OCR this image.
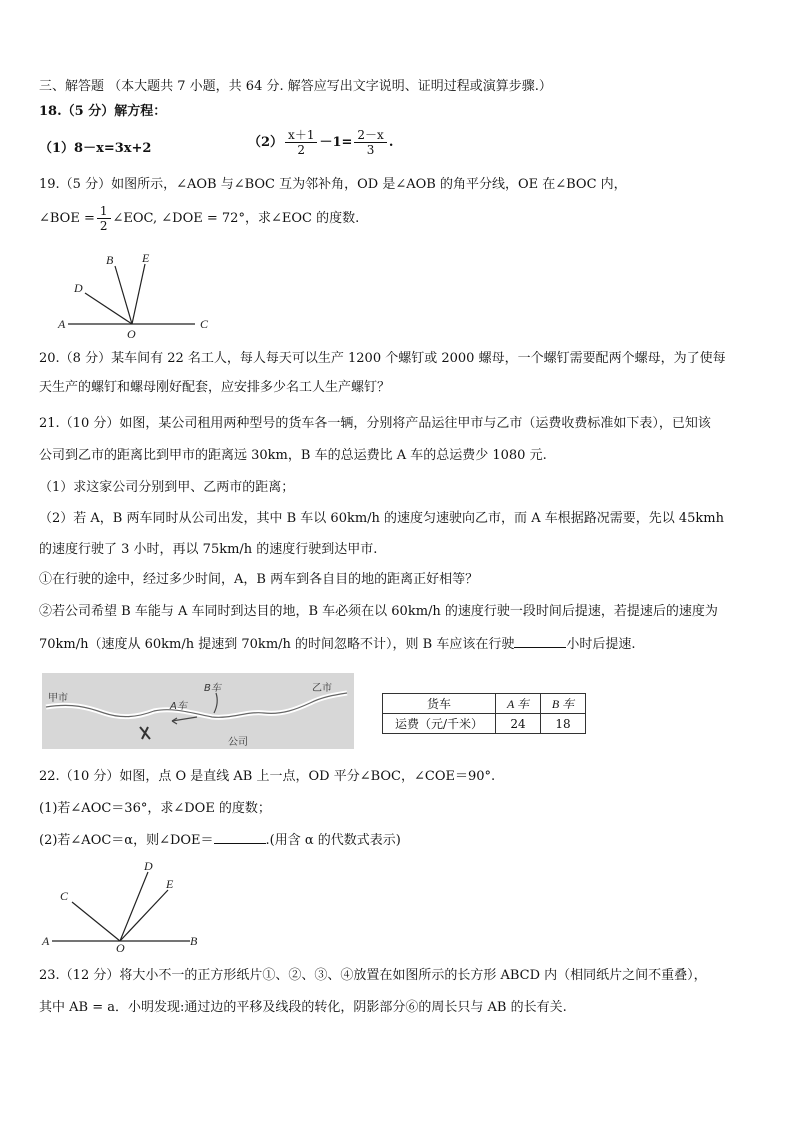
三、解答题 （本大题共 7 小题，共 64 分. 解答应写出文字说明、证明过程或演算步骤.）
18.（5 分）解方程：
（1）8－x=3x+2	$(2) \frac{x+1}{2} -1= \frac{2-x}{3}$ .
19.（5 分）如图所示，∠AOB 与∠BOC 互为邻补角，OD 是∠AOB 的角平分线，OE 在∠BOC 内，
∠BOE = $\frac{1}{2}$ ∠EOC, ∠DOE = 72°，求∠EOC 的度数.
A	C
D
B E
O
20.（8 分）某车间有 22 名工人，每人每天可以生产 1200 个螺钉或 2000 螺母，一个螺钉需要配两个螺母，为了使每
天生产的螺钉和螺母刚好配套，应安排多少名工人生产螺钉？
21.（10 分）如图，某公司租用两种型号的货车各一辆，分别将产品运往甲市与乙市（运费收费标准如下表），已知该
公司到乙市的距离比到甲市的距离远 30km，B 车的总运费比 A 车的总运费少 1080 元.
（1）求这家公司分别到甲、乙两市的距离；
（2）若 A，B 两车同时从公司出发，其中 B 车以 60km/h 的速度匀速驶向乙市，而 A 车根据路况需要，先以 45kmh
的速度行驶了 3 小时，再以 75km/h 的速度行驶到达甲市.
①在行驶的途中，经过多少时间，A，B 两车到各自目的地的距离正好相等？
②若公司希望 B 车能与 A 车同时到达目的地，B 车必须在以 60km/h 的速度行驶一段时间后提速，若提速后的速度为
70km/h（速度从 60km/h 提速到 70km/h 的时间忽略不计），则 B 车应该在行驶	小时后提速.
甲市
乙市
A车
B车
公司
货车	A 车	B 车
运费（元/千米）	24	18
22.（10 分）如图，点 O 是直线 AB 上一点，OD 平分∠BOC，∠COE＝90°.
(1)若∠AOC＝36°，求∠DOE 的度数；
(2)若∠AOC＝α，则∠DOE＝	.(用含 α 的代数式表示)
A	B
C
D
E
O
23.（12 分）将大小不一的正方形纸片①、②、③、④放置在如图所示的长方形 ABCD 内（相同纸片之间不重叠），
其中 AB = a．小明发现:通过边的平移及线段的转化，阴影部分⑥的周长只与 AB 的长有关.
